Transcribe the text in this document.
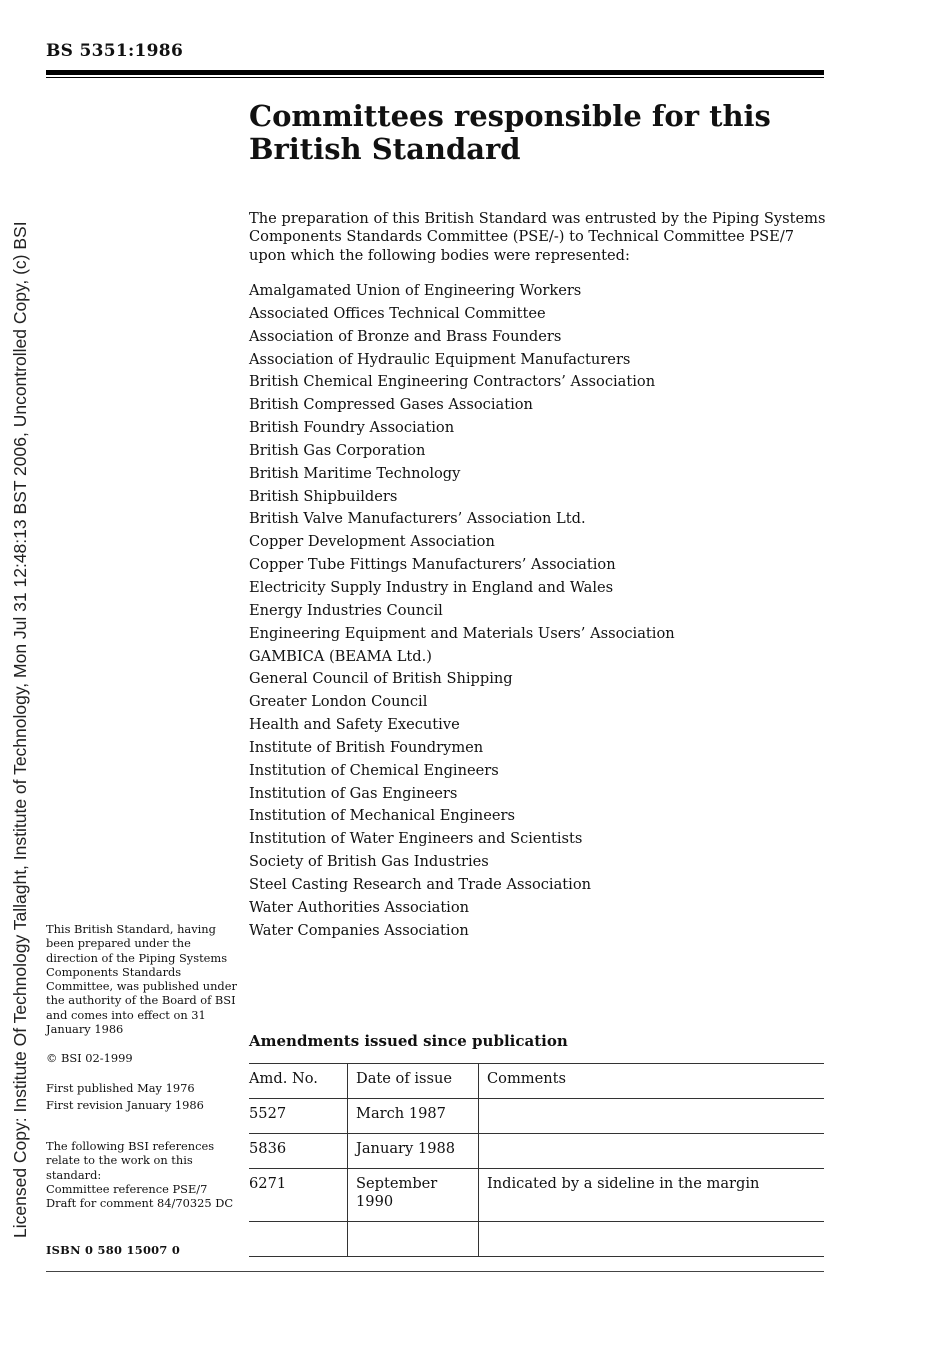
Licensed Copy: Institute Of Technology Tallaght, Institute of Technology, Mon Jul 31 12:48:13 BST 2006, Uncontrolled Copy, (c) BSI
BS 5351:1986
Committees responsible for this British Standard

The preparation of this British Standard was entrusted by the Piping Systems Components Standards Committee (PSE/-) to Technical Committee PSE/7 upon which the following bodies were represented:

Amalgamated Union of Engineering Workers
Associated Offices Technical Committee
Association of Bronze and Brass Founders
Association of Hydraulic Equipment Manufacturers
British Chemical Engineering Contractors’ Association
British Compressed Gases Association
British Foundry Association
British Gas Corporation
British Maritime Technology
British Shipbuilders
British Valve Manufacturers’ Association Ltd.
Copper Development Association
Copper Tube Fittings Manufacturers’ Association
Electricity Supply Industry in England and Wales
Energy Industries Council
Engineering Equipment and Materials Users’ Association
GAMBICA (BEAMA Ltd.)
General Council of British Shipping
Greater London Council
Health and Safety Executive
Institute of British Foundrymen
Institution of Chemical Engineers
Institution of Gas Engineers
Institution of Mechanical Engineers
Institution of Water Engineers and Scientists
Society of British Gas Industries
Steel Casting Research and Trade Association
Water Authorities Association
Water Companies Association

This British Standard, having been prepared under the direction of the Piping Systems Components Standards Committee, was published under the authority of the Board of BSI and comes into effect on 31 January 1986

© BSI 02-1999
First published May 1976
First revision January 1986
The following BSI references relate to the work on this standard:
Committee reference PSE/7
Draft for comment 84/70325 DC
ISBN 0 580 15007 0
Amendments issued since publication
Amd. No.	Date of issue	Comments
5527	March 1987	
5836	January 1988	
6271	September 1990	Indicated by a sideline in the margin
